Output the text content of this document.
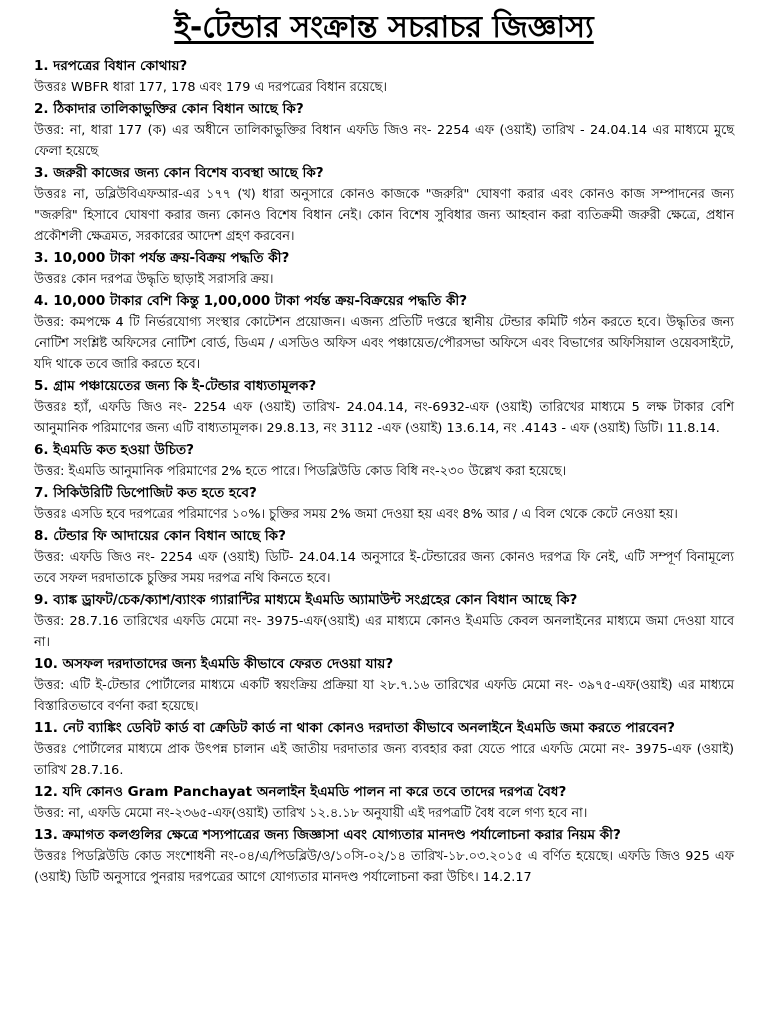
ই-টেন্ডার সংক্রান্ত সচরাচর জিজ্ঞাস্য

1. দরপত্রের বিধান কোথায়?

উত্তরঃ WBFR ধারা 177, 178 এবং 179 এ দরপত্রের বিধান রয়েছে।

2. ঠিকাদার তালিকাভুক্তির কোন বিধান আছে কি?

উত্তর: না, ধারা 177 (ক) এর অধীনে তালিকাভুক্তির বিধান এফডি জিও নং- 2254 এফ (ওয়াই) তারিখ - 24.04.14 এর মাধ্যমে মুছে ফেলা হয়েছে

3. জরুরী কাজের জন্য কোন বিশেষ ব্যবস্থা আছে কি?

উত্তরঃ না, ডব্লিউবিএফআর-এর ১৭৭ (খ) ধারা অনুসারে কোনও কাজকে "জরুরি" ঘোষণা করার এবং কোনও কাজ সম্পাদনের জন্য "জরুরি" হিসাবে ঘোষণা করার জন্য কোনও বিশেষ বিধান নেই। কোন বিশেষ সুবিধার জন্য আহবান করা ব্যতিক্রমী জরুরী ক্ষেত্রে, প্রধান প্রকৌশলী ক্ষেত্রমত, সরকারের আদেশ গ্রহণ করবেন।

3. 10,000 টাকা পর্যন্ত ক্রয়-বিক্রয় পদ্ধতি কী?

উত্তরঃ কোন দরপত্র উদ্ধৃতি ছাড়াই সরাসরি ক্রয়।

4. 10,000 টাকার বেশি কিন্তু 1,00,000 টাকা পর্যন্ত ক্রয়-বিক্রয়ের পদ্ধতি কী?

উত্তর: কমপক্ষে 4 টি নির্ভরযোগ্য সংস্থার কোটেশন প্রয়োজন। এজন্য প্রতিটি দপ্তরে স্থানীয় টেন্ডার কমিটি গঠন করতে হবে। উদ্ধৃতির জন্য নোটিশ সংশ্লিষ্ট অফিসের নোটিশ বোর্ড, ডিএম / এসডিও অফিস এবং পঞ্চায়েত/পৌরসভা অফিসে এবং বিভাগের অফিসিয়াল ওয়েবসাইটে, যদি থাকে তবে জারি করতে হবে।

5. গ্রাম পঞ্চায়েতের জন্য কি ই-টেন্ডার বাধ্যতামূলক?

উত্তরঃ হ্যাঁ, এফডি জিও নং- 2254 এফ (ওয়াই) তারিখ- 24.04.14, নং-6932-এফ (ওয়াই) তারিখের মাধ্যমে 5 লক্ষ টাকার বেশি আনুমানিক পরিমাণের জন্য এটি বাধ্যতামূলক। 29.8.13, নং 3112 -এফ (ওয়াই) 13.6.14, নং .4143 - এফ (ওয়াই) ডিটি। 11.8.14.

6. ইএমডি কত হওয়া উচিত?

উত্তর: ইএমডি আনুমানিক পরিমাণের 2% হতে পারে। পিডব্লিউডি কোড বিধি নং-২৩০ উল্লেখ করা হয়েছে।

7. সিকিউরিটি ডিপোজিট কত হতে হবে?

উত্তরঃ এসডি হবে দরপত্রের পরিমাণের ১০%। চুক্তির সময় 2% জমা দেওয়া হয় এবং 8% আর / এ বিল থেকে কেটে নেওয়া হয়।

8. টেন্ডার ফি আদায়ের কোন বিধান আছে কি?

উত্তর: এফডি জিও নং- 2254 এফ (ওয়াই) ডিটি- 24.04.14 অনুসারে ই-টেন্ডারের জন্য কোনও দরপত্র ফি নেই, এটি সম্পূর্ণ বিনামূল্যে তবে সফল দরদাতাকে চুক্তির সময় দরপত্র নথি কিনতে হবে।

9. ব্যাঙ্ক ড্রাফট/চেক/ক্যাশ/ব্যাংক গ্যারান্টির মাধ্যমে ইএমডি অ্যামাউন্ট সংগ্রহের কোন বিধান আছে কি?

উত্তর: 28.7.16 তারিখের এফডি মেমো নং- 3975-এফ(ওয়াই) এর মাধ্যমে কোনও ইএমডি কেবল অনলাইনের মাধ্যমে জমা দেওয়া যাবে না।

10. অসফল দরদাতাদের জন্য ইএমডি কীভাবে ফেরত দেওয়া যায়?

উত্তর: এটি ই-টেন্ডার পোর্টালের মাধ্যমে একটি স্বয়ংক্রিয় প্রক্রিয়া যা ২৮.৭.১৬ তারিখের এফডি মেমো নং- ৩৯৭৫-এফ(ওয়াই) এর মাধ্যমে বিস্তারিতভাবে বর্ণনা করা হয়েছে।

11. নেট ব্যাঙ্কিং ডেবিট কার্ড বা ক্রেডিট কার্ড না থাকা কোনও দরদাতা কীভাবে অনলাইনে ইএমডি জমা করতে পারবেন?

উত্তরঃ পোর্টালের মাধ্যমে প্রাক উৎপন্ন চালান এই জাতীয় দরদাতার জন্য ব্যবহার করা যেতে পারে এফডি মেমো নং- 3975-এফ (ওয়াই) তারিখ 28.7.16.

12. যদি কোনও Gram Panchayat অনলাইন ইএমডি পালন না করে তবে তাদের দরপত্র বৈধ?

উত্তর: না, এফডি মেমো নং-২৩৬৫-এফ(ওয়াই) তারিখ ১২.৪.১৮ অনুযায়ী এই দরপত্রটি বৈধ বলে গণ্য হবে না।

13. ক্রমাগত কলগুলির ক্ষেত্রে শস্যপাত্রের জন্য জিজ্ঞাসা এবং যোগ্যতার মানদণ্ড পর্যালোচনা করার নিয়ম কী?

উত্তরঃ পিডব্লিউডি কোড সংশোধনী নং-০৪/এ/পিডব্লিউ/ও/১০সি-০২/১৪ তারিখ-১৮.০৩.২০১৫ এ বর্ণিত হয়েছে। এফডি জিও 925 এফ (ওয়াই) ডিটি অনুসারে পুনরায় দরপত্রের আগে যোগ্যতার মানদণ্ড পর্যালোচনা করা উচিৎ। 14.2.17
